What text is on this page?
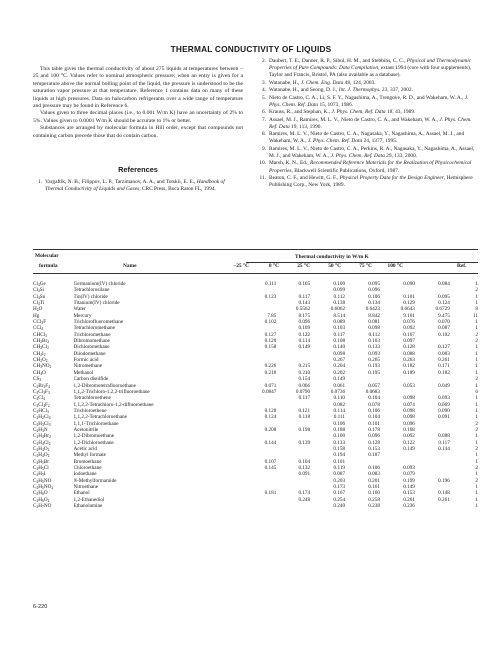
THERMAL CONDUCTIVITY OF LIQUIDS

This table gives the thermal conductivity of about 275 liquids at temperatures between –25 and 100 °C. Values refer to nominal atmospheric pressure; when an entry is given for a temperature above the normal boiling point of the liquid, the pressure is understood to be the saturation vapor pressure at that temperature. Reference 1 contains data on many of these liquids at high pressures. Data on halocarbon refrigerants over a wide range of temperature and pressure may be found in Reference 6.

Values given to three decimal places (i.e., to 0.001 W/m K) have an uncertainty of 2% to 5%. Values given to 0.0001 W/m K should be accurate to 1% or better.

Substances are arranged by molecular formula in Hill order, except that compounds not containing carbon precede those that do contain carbon.

References
1. Vargaftik, N. B., Filippov, L. P., Tarzimanov, A. A., and Totskii, E. E., Handbook of Thermal Conductivity of Liquids and Gases, CRC Press, Boca Raton FL, 1994.
2. Daubert, T. E., Danner, R. P., Sibul, H. M., and Stebbins, C. C., Physical and Thermodynamic Properties of Pure Compounds: Data Compilation, extant 1994 (core with four supplements), Taylor and Francis, Bristol, PA (also available as a database).
3. Watanabe, H., J. Chem. Eng. Data 48, 124, 2003.
4. Watanabe, H., and Seong, D. J., Int. J. Thermophys. 23, 337, 2002.
5. Nieto de Castro, C. A., Li, S. F. Y., Nagashima, A., Trengove, R. D., and Wakeham, W. A., J. Phys. Chem. Ref. Data 15, 1073, 1986.
6. Krauss, R., and Stephan, K., J. Phys. Chem. Ref. Data 18, 43, 1989.
7. Assael, M. J., Ramires, M. L. V., Nieto de Castro, C. A., and Wakeham, W. A., J. Phys. Chem. Ref. Data 19, 113, 1990.
8. Ramires, M. L. V., Nieto de Castro, C. A., Nagasaka, Y., Nagashima, A., Assael, M. J., and Wakeham, W. A., J. Phys. Chem. Ref. Data 24, 1377, 1995.
9. Ramires, M. L. V., Nieto de Castro, C. A., Perkins, R. A., Nagasaka, Y., Nagashima, A., Assael, M. J., and Wakeham, W. A., J. Phys. Chem. Ref. Data 29, 133, 2000.
10. Marsh, K. N., Ed., Recommended Reference Materials for the Realization of Physicochemical Properties, Blackwell Scientific Publications, Oxford, 1987.
11. Beaton, C. F., and Hewitt, G. F., Physical Property Data for the Design Engineer, Hemisphere Publishing Corp., New York, 1989.
Molecular	Thermal conductivity in W/m K
formula	Name	–25 °C	0 °C	25 °C	50 °C	75 °C	100 °C	Ref.
$Cl_4Ge$	Germanium(IV) chloride	0.111	0.105	0.100	0.095	0.090	0.084	1
$Cl_4Si$	Tetrachlorosilane			0.099	0.096			2
$Cl_4Sn$	Tin(IV) chloride	0.123	0.117	0.112	0.106	0.101	0.095	1
$Cl_4Ti$	Titanium(IV) chloride		0.143	0.138	0.134	0.129	0.124	1
$H_2O$	Water		0.5562	0.6062	0.6423	0.6643	0.6729	8
Hg	Mercury	7.85	8.175	8.514	8.842	9.161	9.475	11
CCl$_3$F	Trichlorofluoromethane	0.102	0.096	0.089	0.081	0.076	0.070	1
CCl$_4$	Tetrachloromethane		0.109	0.103	0.098	0.092	0.087	1
CHCl$_3$	Trichloromethane	0.127	0.122	0.117	0.112	0.107	0.102	2
$CH_2Br_2$	Dibromomethane	0.120	0.114	0.108	0.103	0.097		2
$CH_2Cl_2$	Dichloromethane	0.158	0.149	0.140	0.133	0.128	0.127	1
$CH_2I_2$	Diiodomethane			0.098	0.093	0.088	0.083	1
$CH_2O_2$	Formic acid			0.267	0.265	0.263	0.261	1
$CH_3NO_2$	Nitromethane	0.226	0.215	0.204	0.193	0.182	0.171	1
$CH_4O$	Methanol	0.218	0.210	0.202	0.195	0.189	0.182	1
$CS_2$	Carbon disulfide		0.154	0.149				2
$C_2Br_2F_4$	1,2-Dibromotetrafluoroethane	0.071	0.066	0.061	0.057	0.053	0.049	1
$C_2Cl_3F_3$	1,1,2-Trichloro-1,2,2-trifluoroethane	0.0847	0.0790	0.0736	0.0683			6
$C_2Cl_4$	Tetrachloroethene		0.117	0.110	0.104	0.098	0.093	1
$C_2Cl_4F_2$	1,1,2,2-Tetrachloro-1,2-difluoroethane			0.082	0.078	0.074	0.069	1
$C_2HCl_3$	Trichloroethene	0.128	0.121	0.114	0.106	0.098	0.090	1
$C_2H_2Cl_4$	1,1,2,2-Tetrachloroethane	0.124	0.118	0.111	0.104	0.098	0.091	1
$C_2H_3Cl_3$	1,1,1-Trichloroethane			0.106	0.101	0.096		2
$C_2H_3N$	Acetonitrile	0.208	0.198	0.188	0.178	0.168		2
$C_2H_4Br_2$	1,2-Dibromoethane			0.100	0.096	0.092	0.088	1
$C_2H_4Cl_2$	1,2-Dichloroethane	0.144	0.139	0.133	0.128	0.122	0.117	1
$C_2H_4O_2$	Acetic acid			0.158	0.153	0.149	0.144	2
$C_2H_4O_2$	Methyl formate			0.194	0.187			1
$C_2H_5Br$	Bromoethane	0.107	0.104	0.101				1
$C_2H_5Cl$	Chloroethane	0.145	0.132	0.119	0.106	0.093		2
$C_2H_5I$	Iodoethane		0.091	0.087	0.083	0.079		1
$C_2H_5NO$	N-Methylformamide			0.203	0.201	0.199	0.196	2
$C_2H_5NO_2$	Nitroethane			0.173	0.161	0.149		1
$C_2H_6O$	Ethanol	0.181	0.174	0.167	0.160	0.153	0.148	1
$C_2H_6O_2$	1,2-Ethanediol		0.248	0.254	0.258	0.261	0.261	1
$C_2H_7NO$	Ethanolamine			0.240	0.238	0.236		1
6-220
